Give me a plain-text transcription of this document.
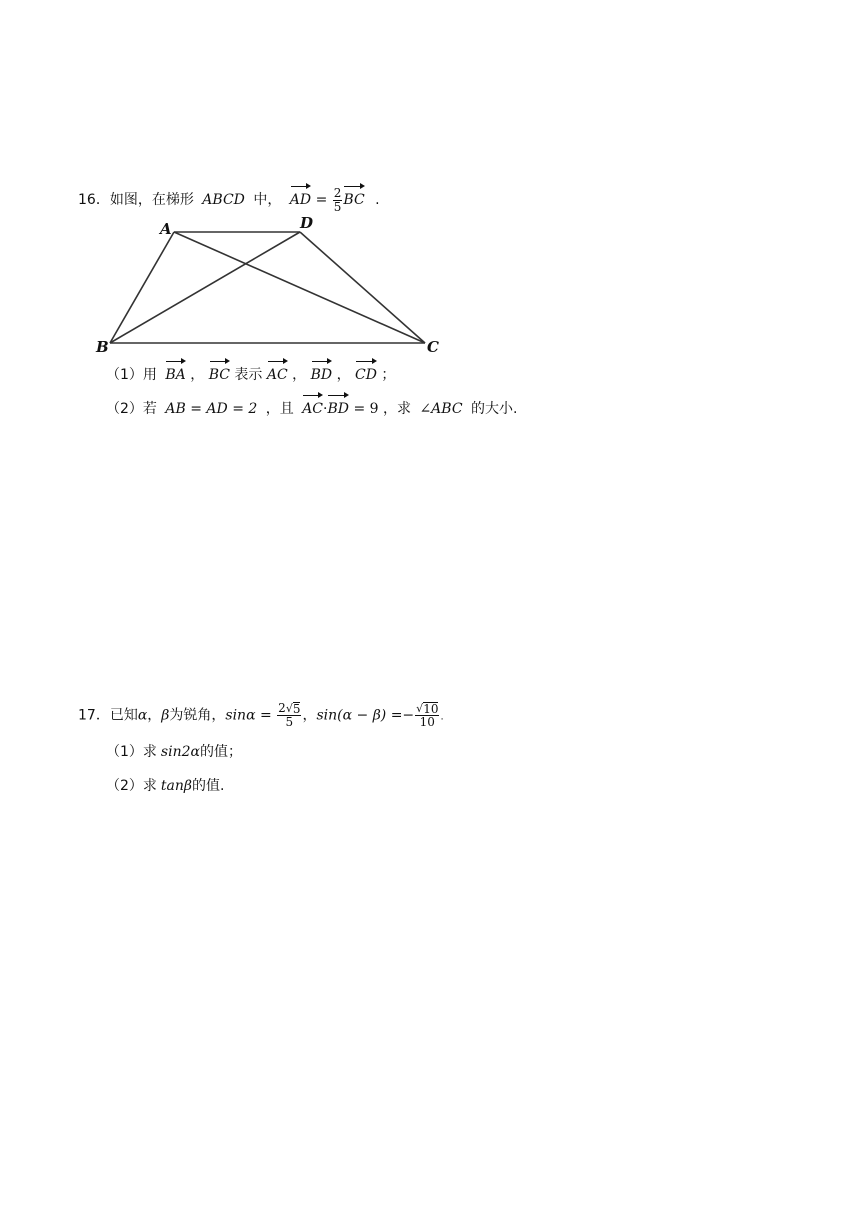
16．如图，在梯形 ABCD 中， AD = $\frac{2}{5}$ BC .
A	D
B	C
（1）用 BA ， BC 表示 AC ， BD ， CD ；
（2）若 AB = AD = 2 ，且 AC·BD = 9 ，求 ∠ABC 的大小.
17．已知α，β为锐角，$\sin\alpha = \frac{2 √ 5}{5}$ ，$\sin(\alpha - \beta) =- \frac{√ 10}{10}$ .
（1）求 sin2α的值；
（2）求 tanβ的值.
